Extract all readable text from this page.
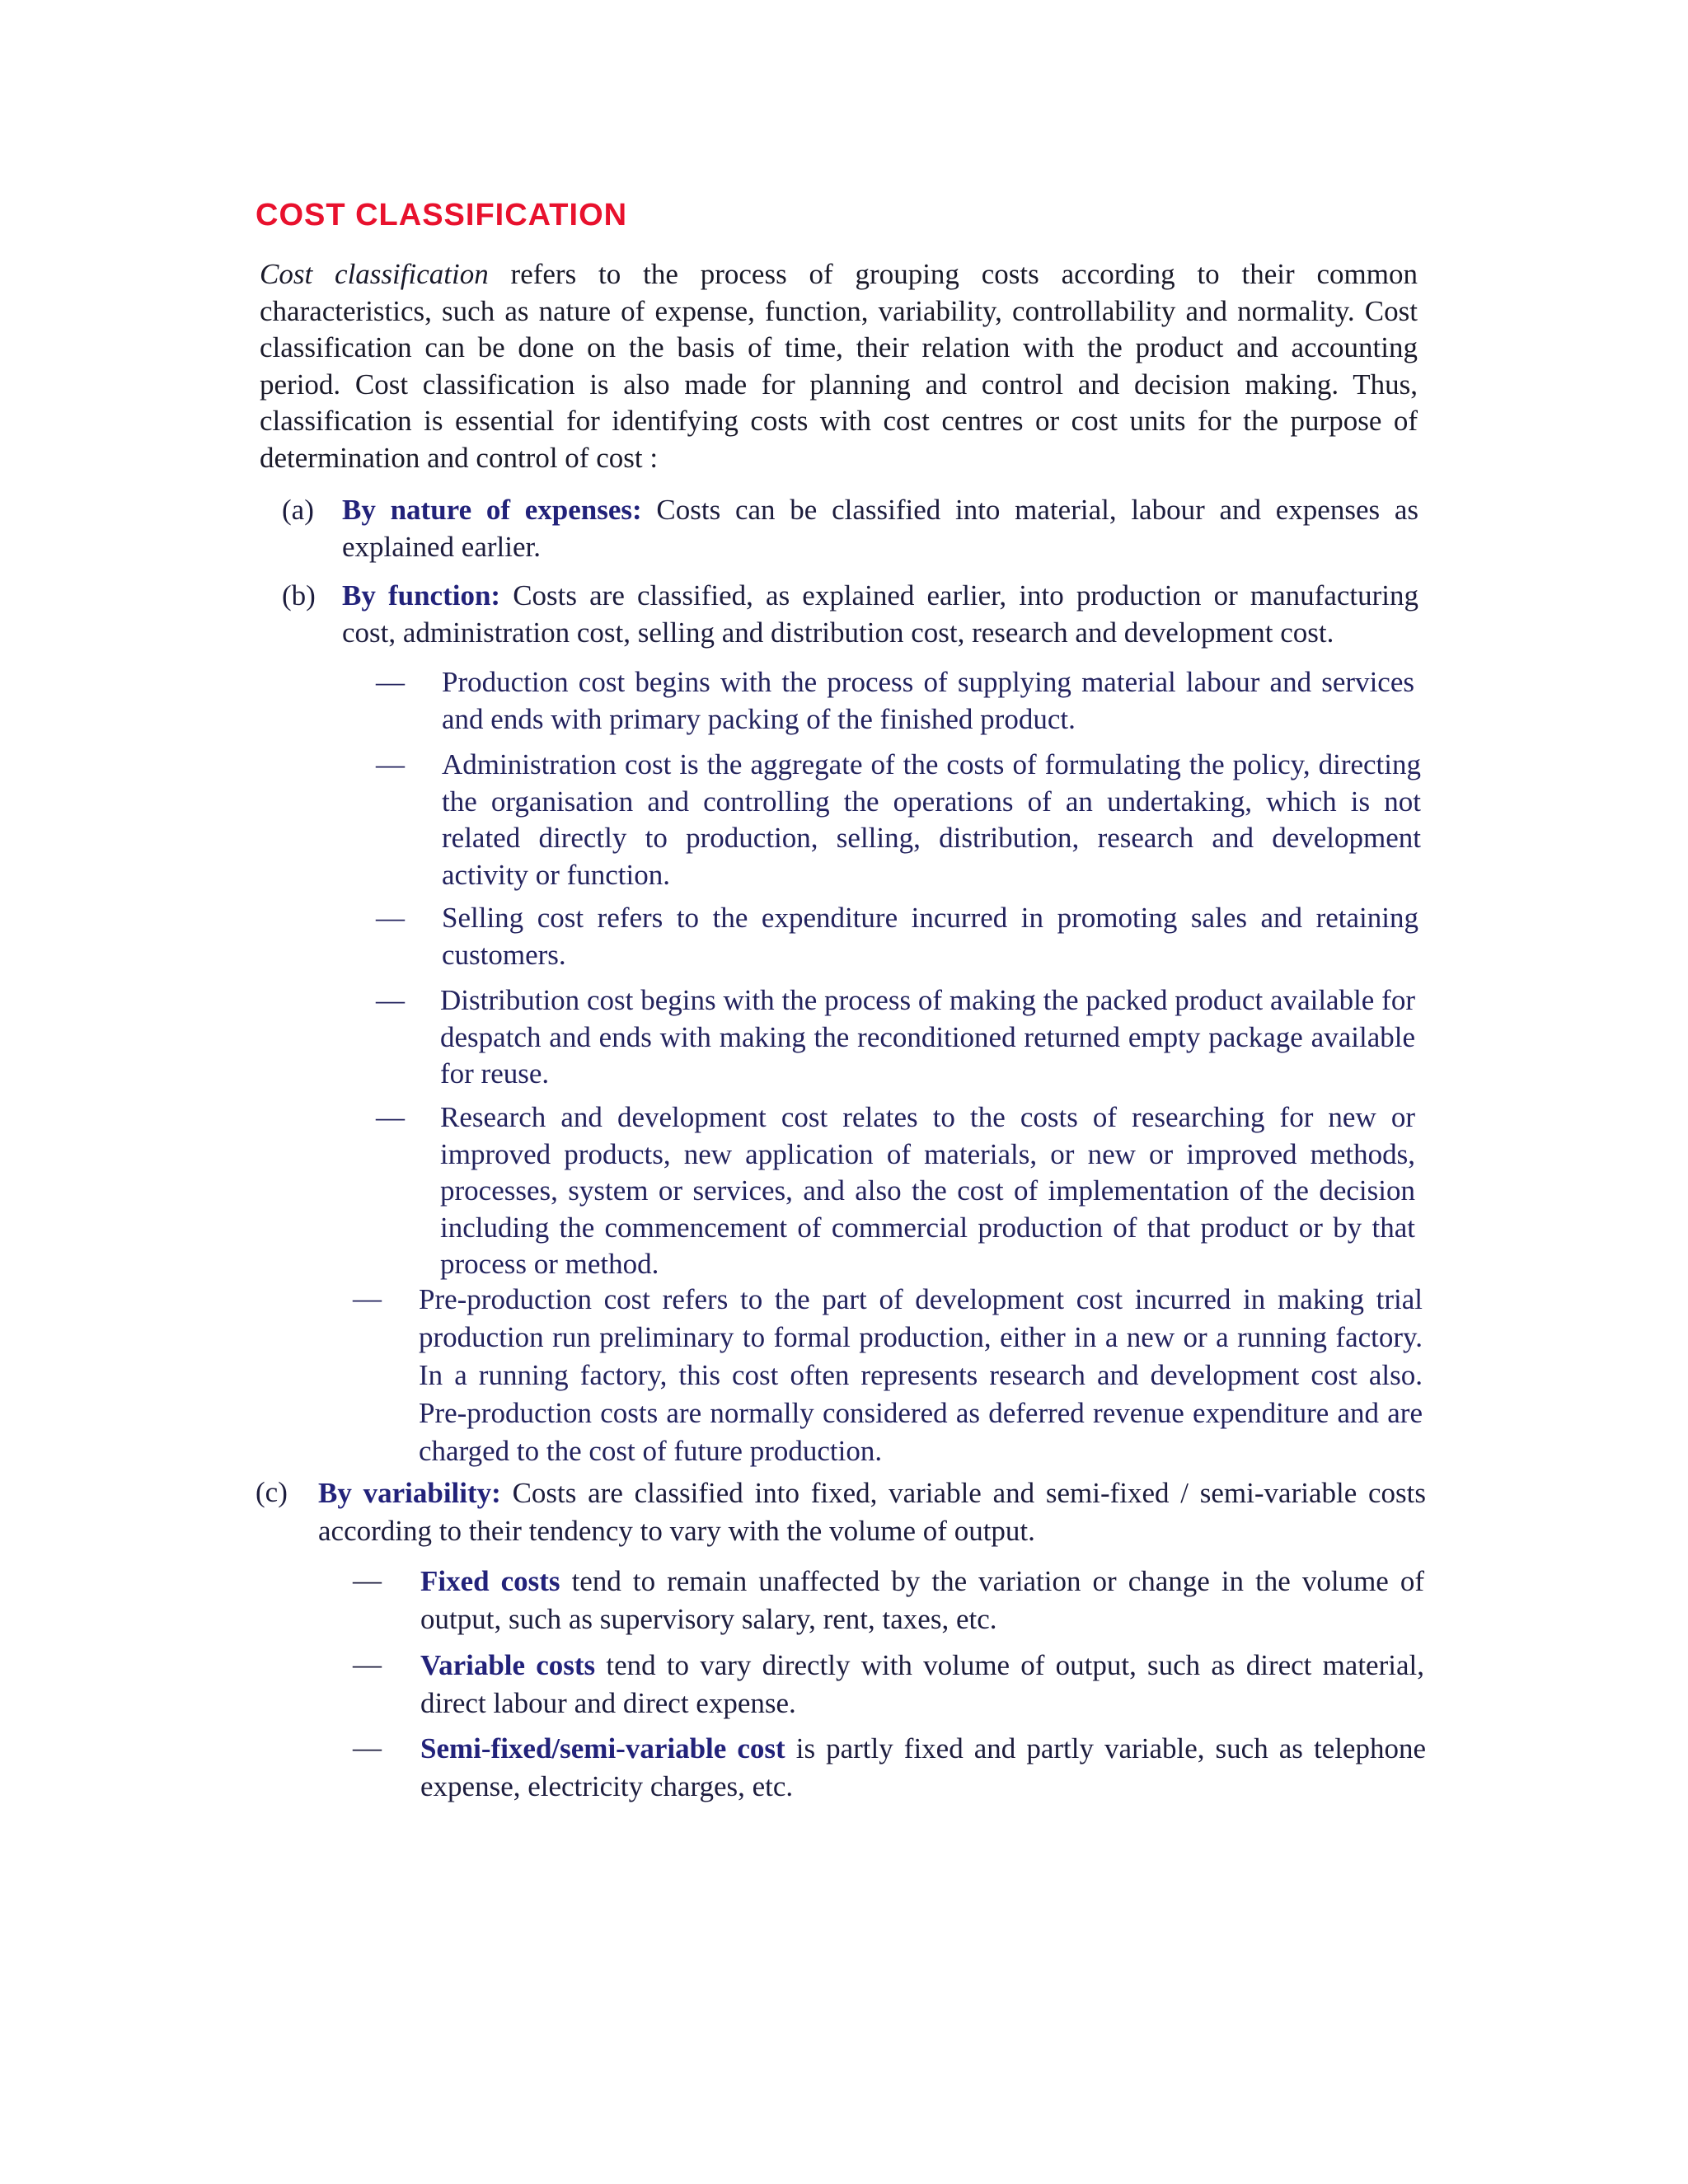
COST CLASSIFICATION

Cost classification refers to the process of grouping costs according to their common characteristics, such as nature of expense, function, variability, controllability and normality. Cost classification can be done on the basis of time, their relation with the product and accounting period. Cost classification is also made for planning and control and decision making. Thus, classification is essential for identifying costs with cost centres or cost units for the purpose of determination and control of cost :

(a) By nature of expenses: Costs can be classified into material, labour and expenses as explained earlier.
(b) By function: Costs are classified, as explained earlier, into production or manufacturing cost, administration cost, selling and distribution cost, research and development cost.
— Production cost begins with the process of supplying material labour and services and ends with primary packing of the finished product.
— Administration cost is the aggregate of the costs of formulating the policy, directing the organisation and controlling the operations of an undertaking, which is not related directly to production, selling, distribution, research and development activity or function.
— Selling cost refers to the expenditure incurred in promoting sales and retaining customers.
— Distribution cost begins with the process of making the packed product available for despatch and ends with making the reconditioned returned empty package available for reuse.
— Research and development cost relates to the costs of researching for new or improved products, new application of materials, or new or improved methods, processes, system or services, and also the cost of implementation of the decision including the commencement of commercial production of that product or by that process or method.
— Pre-production cost refers to the part of development cost incurred in making trial production run preliminary to formal production, either in a new or a running factory. In a running factory, this cost often represents research and development cost also. Pre-production costs are normally considered as deferred revenue expenditure and are charged to the cost of future production.
(c) By variability: Costs are classified into fixed, variable and semi-fixed / semi-variable costs according to their tendency to vary with the volume of output.
— Fixed costs tend to remain unaffected by the variation or change in the volume of output, such as supervisory salary, rent, taxes, etc.
— Variable costs tend to vary directly with volume of output, such as direct material, direct labour and direct expense.
— Semi-fixed/semi-variable cost is partly fixed and partly variable, such as telephone expense, electricity charges, etc.
